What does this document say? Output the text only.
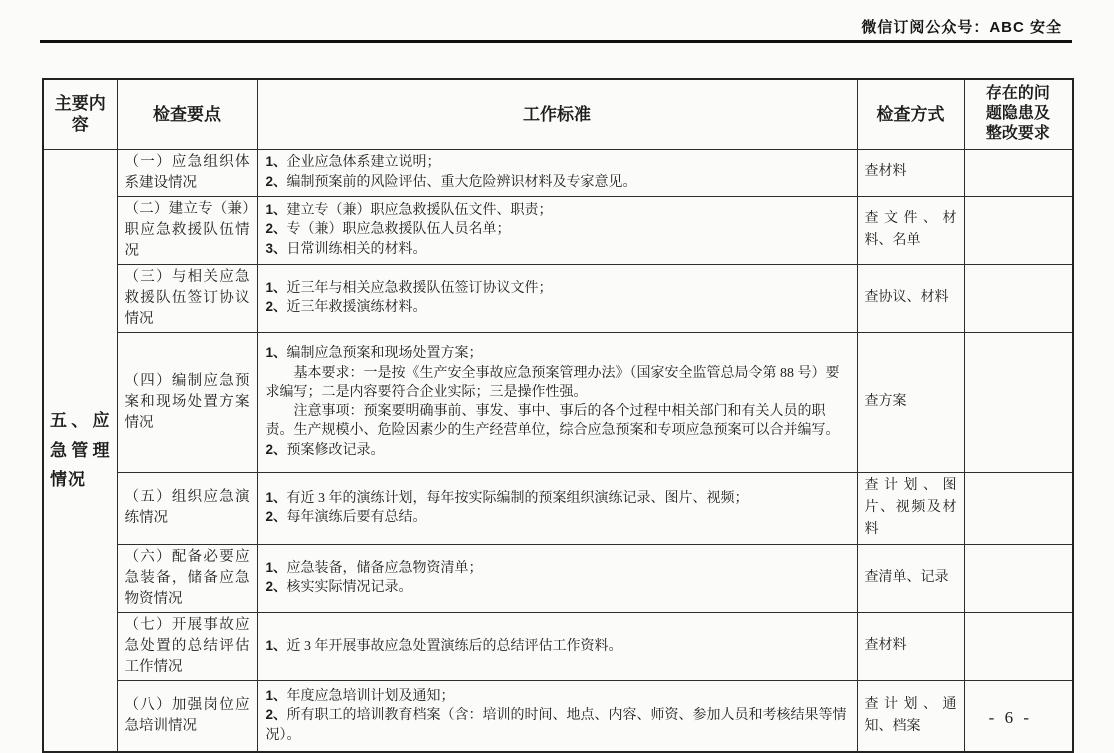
微信订阅公众号：ABC 安全
主要内容	检查要点	工作标准	检查方式	存在的问题隐患及整改要求
五、应急管理情况	（一）应急组织体系建设情况	1、企业应急体系建立说明；

2、编制预案前的风险评估、重大危险辨识材料及专家意见。	查材料	
	（二）建立专（兼）职应急救援队伍情况	1、建立专（兼）职应急救援队伍文件、职责；

2、专（兼）职应急救援队伍人员名单；

3、日常训练相关的材料。	查文件、材料、名单	
	（三）与相关应急救援队伍签订协议情况	1、近三年与相关应急救援队伍签订协议文件；

2、近三年救援演练材料。	查协议、材料	
	（四）编制应急预案和现场处置方案情况	1、编制应急预案和现场处置方案；

基本要求：一是按《生产安全事故应急预案管理办法》（国家安全监管总局令第 88 号）要求编写；二是内容要符合企业实际；三是操作性强。

注意事项：预案要明确事前、事发、事中、事后的各个过程中相关部门和有关人员的职责。生产规模小、危险因素少的生产经营单位，综合应急预案和专项应急预案可以合并编写。

2、预案修改记录。	查方案	
	（五）组织应急演练情况	1、有近 3 年的演练计划，每年按实际编制的预案组织演练记录、图片、视频；

2、每年演练后要有总结。	查计划、图片、视频及材料	
	（六）配备必要应急装备，储备应急物资情况	1、应急装备，储备应急物资清单；

2、核实实际情况记录。	查清单、记录	
	（七）开展事故应急处置的总结评估工作情况	1、近 3 年开展事故应急处置演练后的总结评估工作资料。	查材料	
	（八）加强岗位应急培训情况	1、年度应急培训计划及通知；

2、所有职工的培训教育档案（含：培训的时间、地点、内容、师资、参加人员和考核结果等情况）。	查计划、通知、档案		- 6 -
